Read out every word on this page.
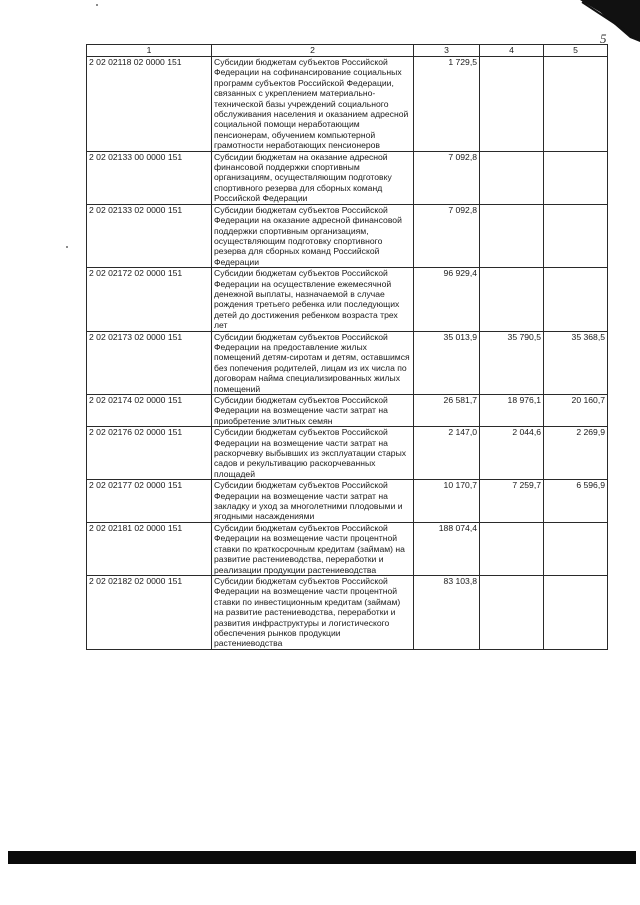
5
1	2	3	4	5
2 02 02118 02 0000 151	Субсидии бюджетам субъектов Российской Федерации на софинансирование социальных программ субъектов Российской Федерации, связанных с укреплением материально-технической базы учреждений социального обслуживания населения и оказанием адресной социальной помощи неработающим пенсионерам, обучением компьютерной грамотности неработающих пенсионеров	1 729,5		
2 02 02133 00 0000 151	Субсидии бюджетам на оказание адресной финансовой поддержки спортивным организациям, осуществляющим подготовку спортивного резерва для сборных команд Российской Федерации	7 092,8		
2 02 02133 02 0000 151	Субсидии бюджетам субъектов Российской Федерации на оказание адресной финансовой поддержки спортивным организациям, осуществляющим подготовку спортивного резерва для сборных команд Российской Федерации	7 092,8		
2 02 02172 02 0000 151	Субсидии бюджетам субъектов Российской Федерации на осуществление ежемесячной денежной выплаты, назначаемой в случае рождения третьего ребенка или последующих детей до достижения ребенком возраста трех лет	96 929,4		
2 02 02173 02 0000 151	Субсидии бюджетам субъектов Российской Федерации на предоставление жилых помещений детям-сиротам и детям, оставшимся без попечения родителей, лицам из их числа по договорам найма специализированных жилых помещений	35 013,9	35 790,5	35 368,5
2 02 02174 02 0000 151	Субсидии бюджетам субъектов Российской Федерации на возмещение части затрат на приобретение элитных семян	26 581,7	18 976,1	20 160,7
2 02 02176 02 0000 151	Субсидии бюджетам субъектов Российской Федерации на возмещение части затрат на раскорчевку выбывших из эксплуатации старых садов и рекультивацию раскорчеванных площадей	2 147,0	2 044,6	2 269,9
2 02 02177 02 0000 151	Субсидии бюджетам субъектов Российской Федерации на возмещение части затрат на закладку и уход за многолетними плодовыми и ягодными насаждениями	10 170,7	7 259,7	6 596,9
2 02 02181 02 0000 151	Субсидии бюджетам субъектов Российской Федерации на возмещение части процентной ставки по краткосрочным кредитам (займам) на развитие растениеводства, переработки и реализации продукции растениеводства	188 074,4		
2 02 02182 02 0000 151	Субсидии бюджетам субъектов Российской Федерации на возмещение части процентной ставки по инвестиционным кредитам (займам) на развитие растениеводства, переработки и развития инфраструктуры и логистического обеспечения рынков продукции растениеводства	83 103,8		
